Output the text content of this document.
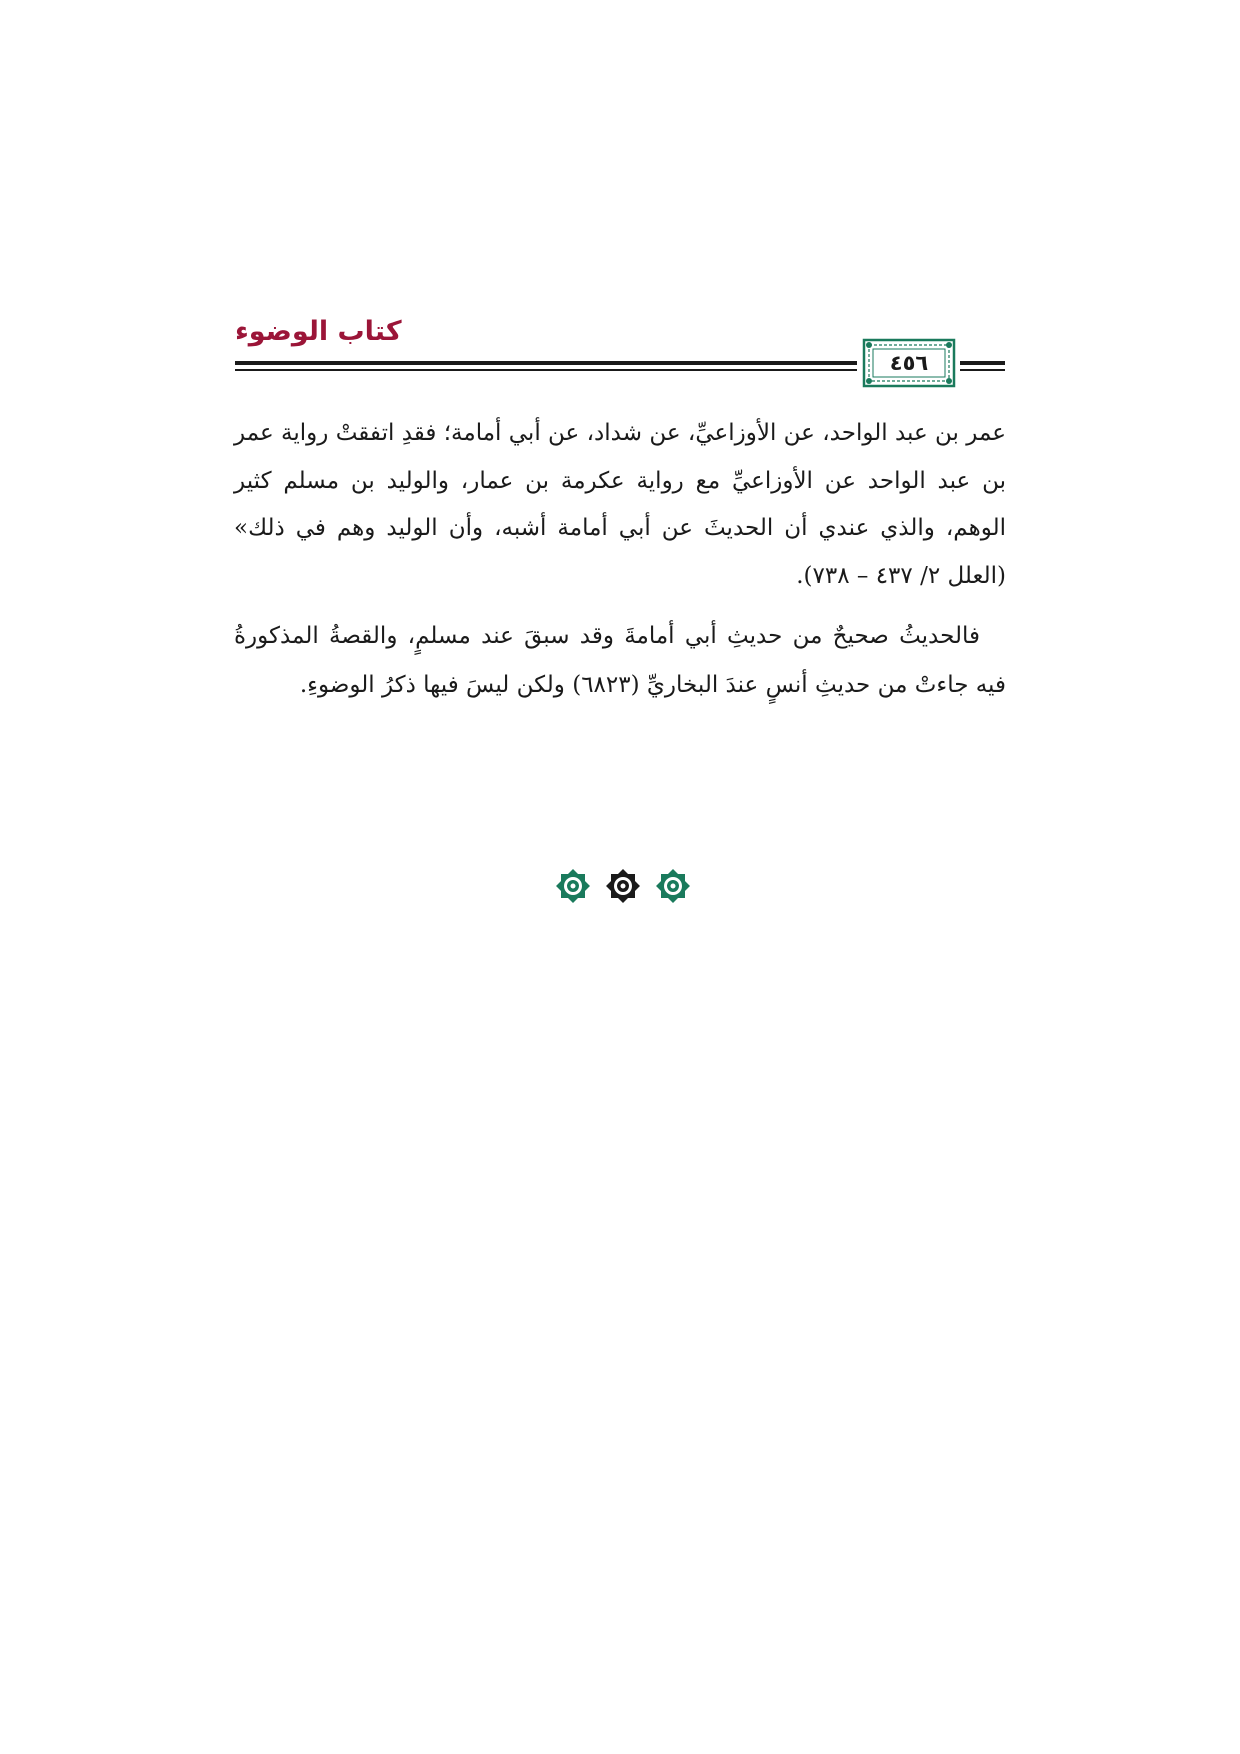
كتاب الوضوء
٤٥٦

عمر بن عبد الواحد، عن الأوزاعيِّ، عن شداد، عن أبي أمامة؛ فقدِ اتفقتْ رواية عمر بن عبد الواحد عن الأوزاعيِّ مع رواية عكرمة بن عمار، والوليد بن مسلم كثير الوهم، والذي عندي أن الحديثَ عن أبي أمامة أشبه، وأن الوليد وهم في ذلك» (العلل ٢/ ٤٣٧ – ٧٣٨).

فالحديثُ صحيحٌ من حديثِ أبي أمامةَ وقد سبقَ عند مسلمٍ، والقصةُ المذكورةُ فيه جاءتْ من حديثِ أنسٍ عندَ البخاريِّ (٦٨٢٣) ولكن ليسَ فيها ذكرُ الوضوءِ.
